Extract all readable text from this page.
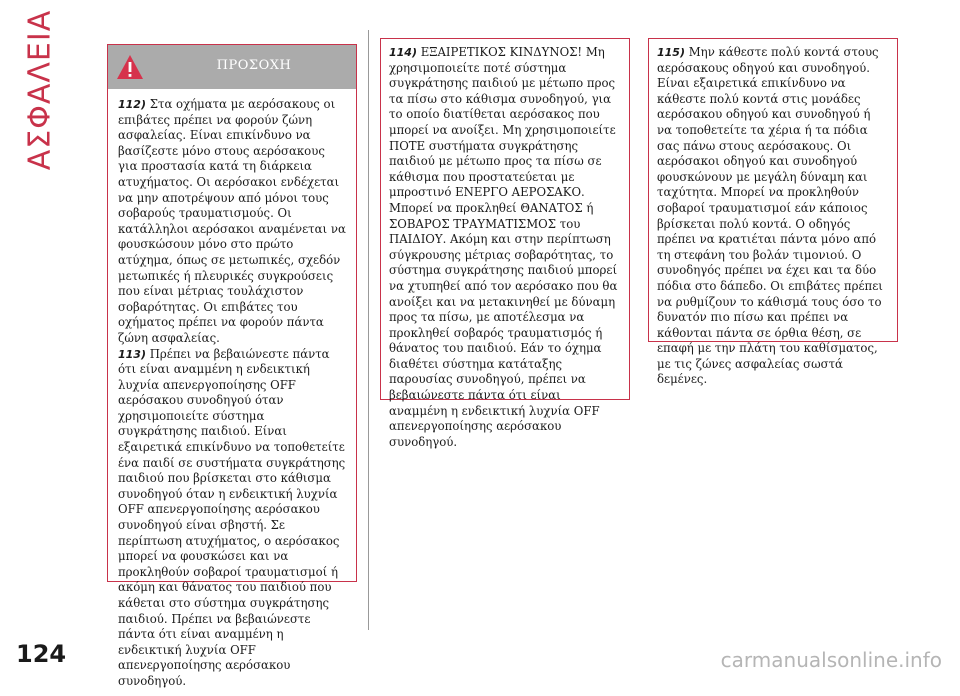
ΑΣΦΑΛΕΙΑ	ΠΡΟΣΟΧΗ

112) Στα οχήματα με αερόσακους οι επιβάτες πρέπει να φορούν ζώνη ασφαλείας. Είναι επικίνδυνο να βασίζεστε μόνο στους αερόσακους για προστασία κατά τη διάρκεια ατυχήματος. Οι αερόσακοι ενδέχεται να μην αποτρέψουν από μόνοι τους σοβαρούς τραυματισμούς. Οι κατάλληλοι αερόσακοι αναμένεται να φουσκώσουν μόνο στο πρώτο ατύχημα, όπως σε μετωπικές, σχεδόν μετωπικές ή πλευρικές συγκρούσεις που είναι μέτριας τουλάχιστον σοβαρότητας. Οι επιβάτες του οχήματος πρέπει να φορούν πάντα ζώνη ασφαλείας.

113) Πρέπει να βεβαιώνεστε πάντα ότι είναι αναμμένη η ενδεικτική λυχνία απενεργοποίησης OFF αερόσακου συνοδηγού όταν χρησιμοποιείτε σύστημα συγκράτησης παιδιού. Είναι εξαιρετικά επικίνδυνο να τοποθετείτε ένα παιδί σε συστήματα συγκράτησης παιδιού που βρίσκεται στο κάθισμα συνοδηγού όταν η ενδεικτική λυχνία OFF απενεργοποίησης αερόσακου συνοδηγού είναι σβηστή. Σε περίπτωση ατυχήματος, ο αερόσακος μπορεί να φουσκώσει και να προκληθούν σοβαροί τραυματισμοί ή ακόμη και θάνατος του παιδιού που κάθεται στο σύστημα συγκράτησης παιδιού. Πρέπει να βεβαιώνεστε πάντα ότι είναι αναμμένη η ενδεικτική λυχνία OFF απενεργοποίησης αερόσακου συνοδηγού.

114) ΕΞΑΙΡΕΤΙΚΟΣ ΚΙΝΔΥΝΟΣ! Μη χρησιμοποιείτε ποτέ σύστημα συγκράτησης παιδιού με μέτωπο προς τα πίσω στο κάθισμα συνοδηγού, για το οποίο διατίθεται αερόσακος που μπορεί να ανοίξει. Μη χρησιμοποιείτε ΠΟΤΕ συστήματα συγκράτησης παιδιού με μέτωπο προς τα πίσω σε κάθισμα που προστατεύεται με μπροστινό ΕΝΕΡΓΟ ΑΕΡΟΣΑΚΟ. Μπορεί να προκληθεί ΘΑΝΑΤΟΣ ή ΣΟΒΑΡΟΣ ΤΡΑΥΜΑΤΙΣΜΟΣ του ΠΑΙΔΙΟΥ. Ακόμη και στην περίπτωση σύγκρουσης μέτριας σοβαρότητας, το σύστημα συγκράτησης παιδιού μπορεί να χτυπηθεί από τον αερόσακο που θα ανοίξει και να μετακινηθεί με δύναμη προς τα πίσω, με αποτέλεσμα να προκληθεί σοβαρός τραυματισμός ή θάνατος του παιδιού. Εάν το όχημα διαθέτει σύστημα κατάταξης παρουσίας συνοδηγού, πρέπει να βεβαιώνεστε πάντα ότι είναι αναμμένη η ενδεικτική λυχνία OFF απενεργοποίησης αερόσακου συνοδηγού.

115) Μην κάθεστε πολύ κοντά στους αερόσακους οδηγού και συνοδηγού. Είναι εξαιρετικά επικίνδυνο να κάθεστε πολύ κοντά στις μονάδες αερόσακου οδηγού και συνοδηγού ή να τοποθετείτε τα χέρια ή τα πόδια σας πάνω στους αερόσακους. Οι αερόσακοι οδηγού και συνοδηγού φουσκώνουν με μεγάλη δύναμη και ταχύτητα. Μπορεί να προκληθούν σοβαροί τραυματισμοί εάν κάποιος βρίσκεται πολύ κοντά. Ο οδηγός πρέπει να κρατιέται πάντα μόνο από τη στεφάνη του βολάν τιμονιού. Ο συνοδηγός πρέπει να έχει και τα δύο πόδια στο δάπεδο. Οι επιβάτες πρέπει να ρυθμίζουν το κάθισμά τους όσο το δυνατόν πιο πίσω και πρέπει να κάθονται πάντα σε όρθια θέση, σε επαφή με την πλάτη του καθίσματος, με τις ζώνες ασφαλείας σωστά δεμένες.

124	carmanualsonline.info
